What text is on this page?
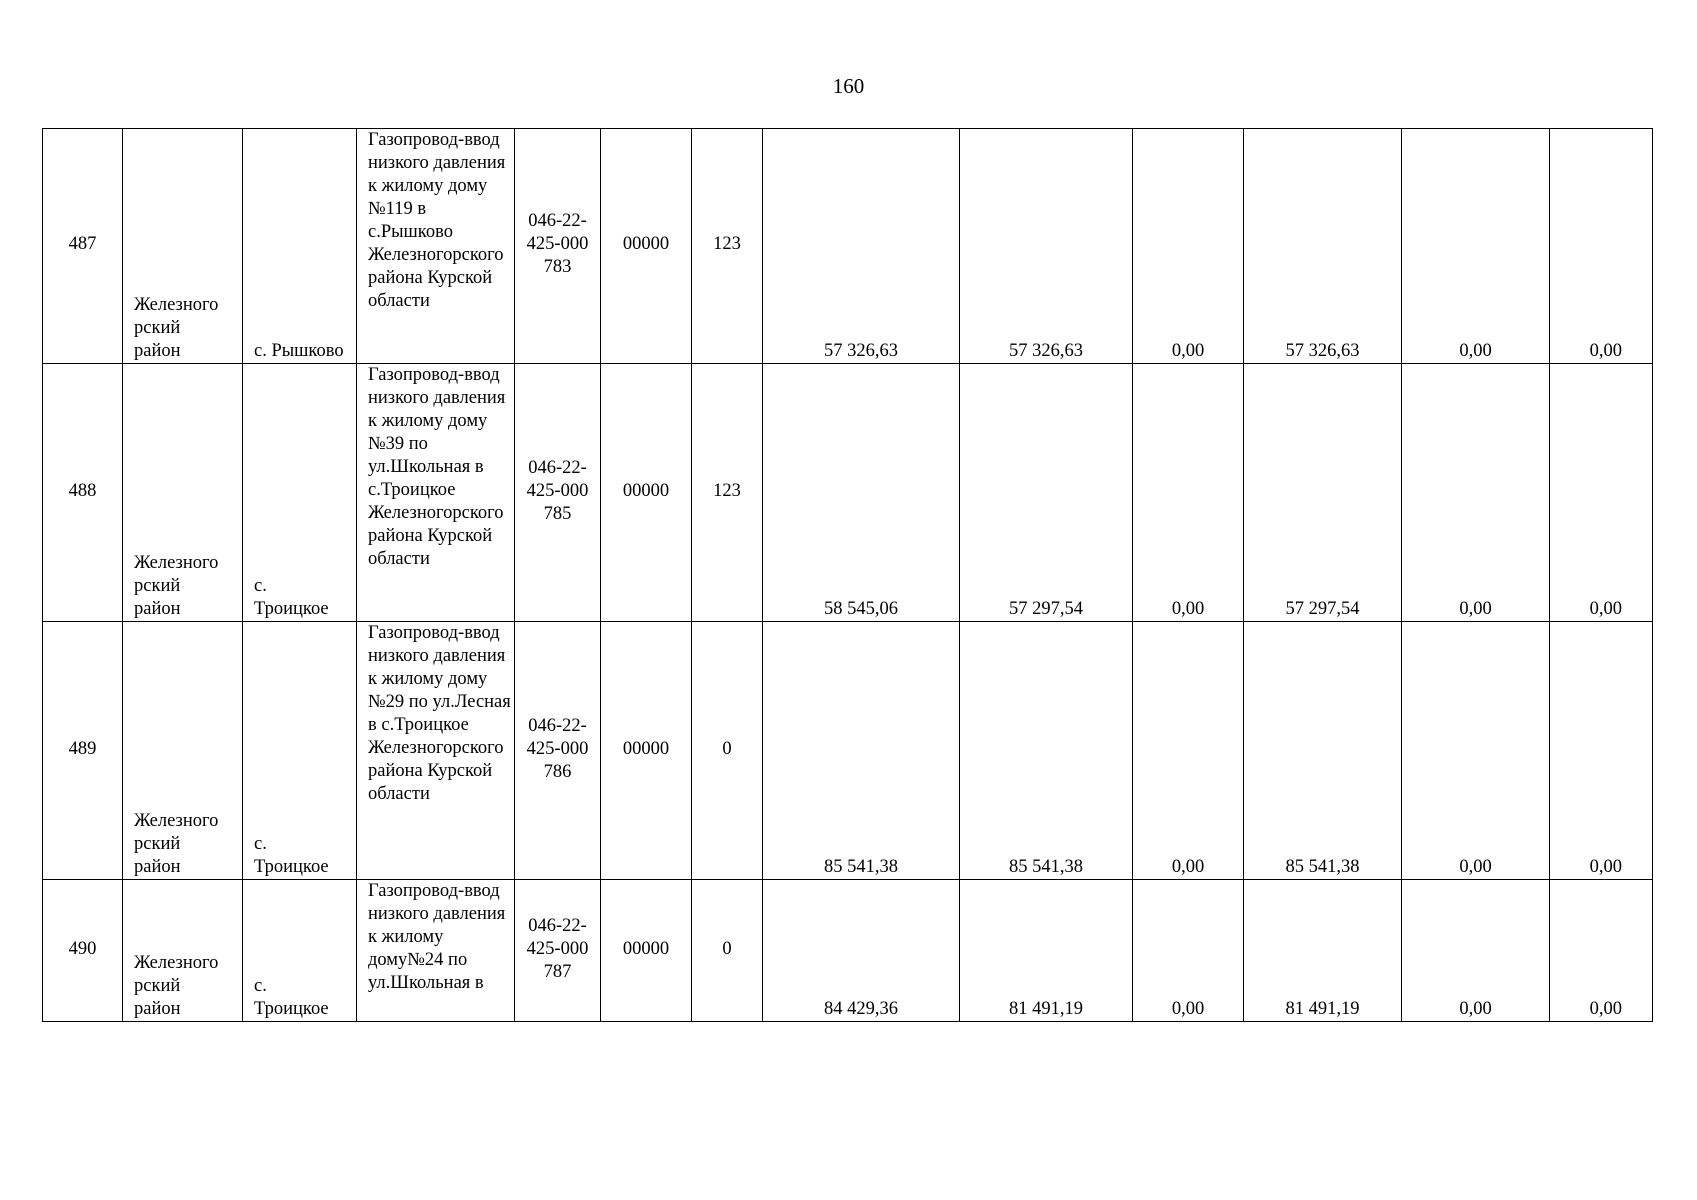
160
487	Железного рский район	с. Рышково	Газопровод-ввод низкого давления к жилому дому №119 в с.Рышково Железногорского района Курской области	046-22-425-000783	00000	123	57 326,63	57 326,63	0,00	57 326,63	0,00	0,00

488	Железного рский район	с. Троицкое	Газопровод-ввод низкого давления к жилому дому №39 по ул.Школьная в с.Троицкое Железногорского района Курской области	046-22-425-000785	00000	123	58 545,06	57 297,54	0,00	57 297,54	0,00	0,00

489	Железного рский район	с. Троицкое	Газопровод-ввод низкого давления к жилому дому №29 по ул.Лесная в с.Троицкое Железногорского района Курской области	046-22-425-000786	00000	0	85 541,38	85 541,38	0,00	85 541,38	0,00	0,00

490	Железного рский район	с. Троицкое	Газопровод-ввод низкого давления к жилому дому№24 по ул.Школьная в	046-22-425-000787	00000	0	84 429,36	81 491,19	0,00	81 491,19	0,00	0,00
